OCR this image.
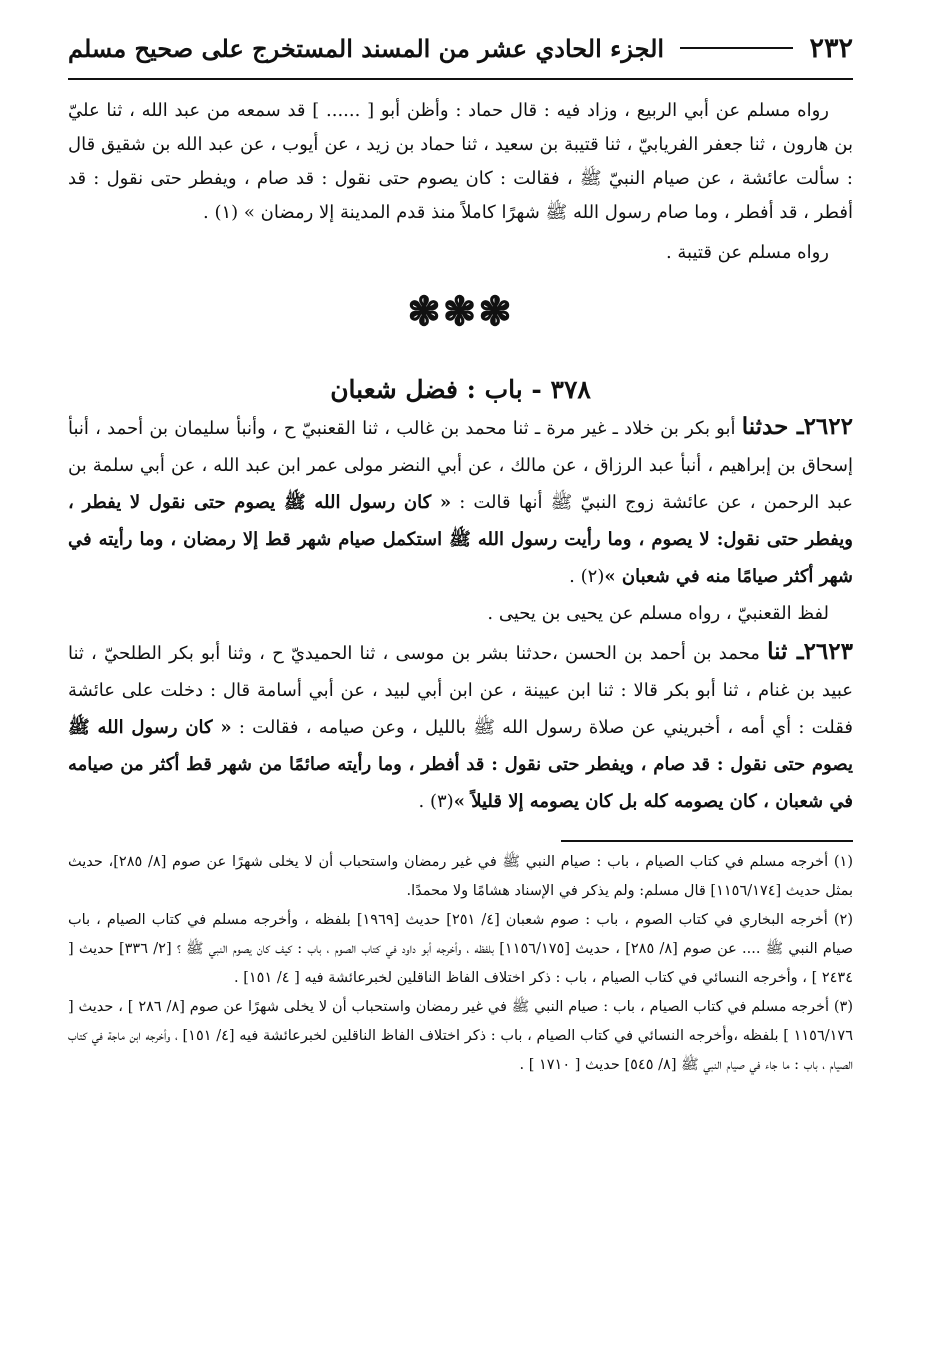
٢٣٢
الجزء الحادي عشر من المسند المستخرج على صحيح مسلم

رواه مسلم عن أبي الربيع ، وزاد فيه : قال حماد : وأظن أبو [ ...... ] قد سمعه من عبد الله ، ثنا عليّ بن هارون ، ثنا جعفر الفريابيّ ، ثنا قتيبة بن سعيد ، ثنا حماد بن زيد ، عن أيوب ، عن عبد الله بن شقيق قال : سألت عائشة ، عن صيام النبيّ ﷺ ، فقالت : كان يصوم حتى نقول : قد صام ، ويفطر حتى نقول : قد أفطر ، قد أفطر ، وما صام رسول الله ﷺ شهرًا كاملاً منذ قدم المدينة إلا رمضان » (١) .

رواه مسلم عن قتيبة .

❃❃❃
٣٧٨ - باب : فضل شعبان

٢٦٢٢ـ حدثنا أبو بكر بن خلاد ـ غير مرة ـ ثنا محمد بن غالب ، ثنا القعنبيّ ح ، وأنبأ سليمان بن أحمد ، أنبأ إسحاق بن إبراهيم ، أنبأ عبد الرزاق ، عن مالك ، عن أبي النضر مولى عمر ابن عبد الله ، عن أبي سلمة بن عبد الرحمن ، عن عائشة زوج النبيّ ﷺ أنها قالت : « كان رسول الله ﷺ يصوم حتى نقول لا يفطر ، ويفطر حتى نقول: لا يصوم ، وما رأيت رسول الله ﷺ استكمل صيام شهر قط إلا رمضان ، وما رأيته في شهر أكثر صيامًا منه في شعبان »(٢) .

لفظ القعنبيّ ، رواه مسلم عن يحيى بن يحيى .

٢٦٢٣ـ ثنا محمد بن أحمد بن الحسن ،حدثنا بشر بن موسى ، ثنا الحميديّ ح ، وثنا أبو بكر الطلحيّ ، ثنا عبيد بن غنام ، ثنا أبو بكر قالا : ثنا ابن عيينة ، عن ابن أبي لبيد ، عن أبي أسامة قال : دخلت على عائشة فقلت : أي أمه ، أخبريني عن صلاة رسول الله ﷺ بالليل ، وعن صيامه ، فقالت : « كان رسول الله ﷺ يصوم حتى نقول : قد صام ، ويفطر حتى نقول : قد أفطر ، وما رأيته صائمًا من شهر قط أكثر من صيامه في شعبان ، كان يصومه كله بل كان يصومه إلا قليلاً »(٣) .

(١) أخرجه مسلم في كتاب الصيام ، باب : صيام النبي ﷺ في غير رمضان واستحباب أن لا يخلى شهرًا عن صوم [٨/ ٢٨٥]، حديث بمثل حديث [١١٥٦/١٧٤] قال مسلم: ولم يذكر في الإسناد هشامًا ولا محمدًا.

(٢) أخرجه البخاري في كتاب الصوم ، باب : صوم شعبان [٤/ ٢٥١] حديث [١٩٦٩] بلفظه ، وأخرجه مسلم في كتاب الصيام ، باب صيام النبي ﷺ .... عن صوم [٨/ ٢٨٥] ، حديث [١١٥٦/١٧٥] بلفظه ، وأخرجه أبو داود في كتاب الصوم ، باب : كيف كان يصوم النبي ﷺ ؟ [٢/ ٣٣٦] حديث [ ٢٤٣٤ ] ، وأخرجه النسائي في كتاب الصيام ، باب : ذكر اختلاف الفاظ الناقلين لخبرعائشة فيه [ ٤/ ١٥١] .

(٣) أخرجه مسلم في كتاب الصيام ، باب : صيام النبي ﷺ في غير رمضان واستحباب أن لا يخلى شهرًا عن صوم [٨/ ٢٨٦ ] ، حديث [ ١١٥٦/١٧٦ ] بلفظه ،وأخرجه النسائي في كتاب الصيام ، باب : ذكر اختلاف الفاظ الناقلين لخبرعائشة فيه [٤/ ١٥١] ، وأخرجه ابن ماجة في كتاب الصيام ، باب : ما جاء في صيام النبي ﷺ [٨/ ٥٤٥] حديث [ ١٧١٠ ] .
